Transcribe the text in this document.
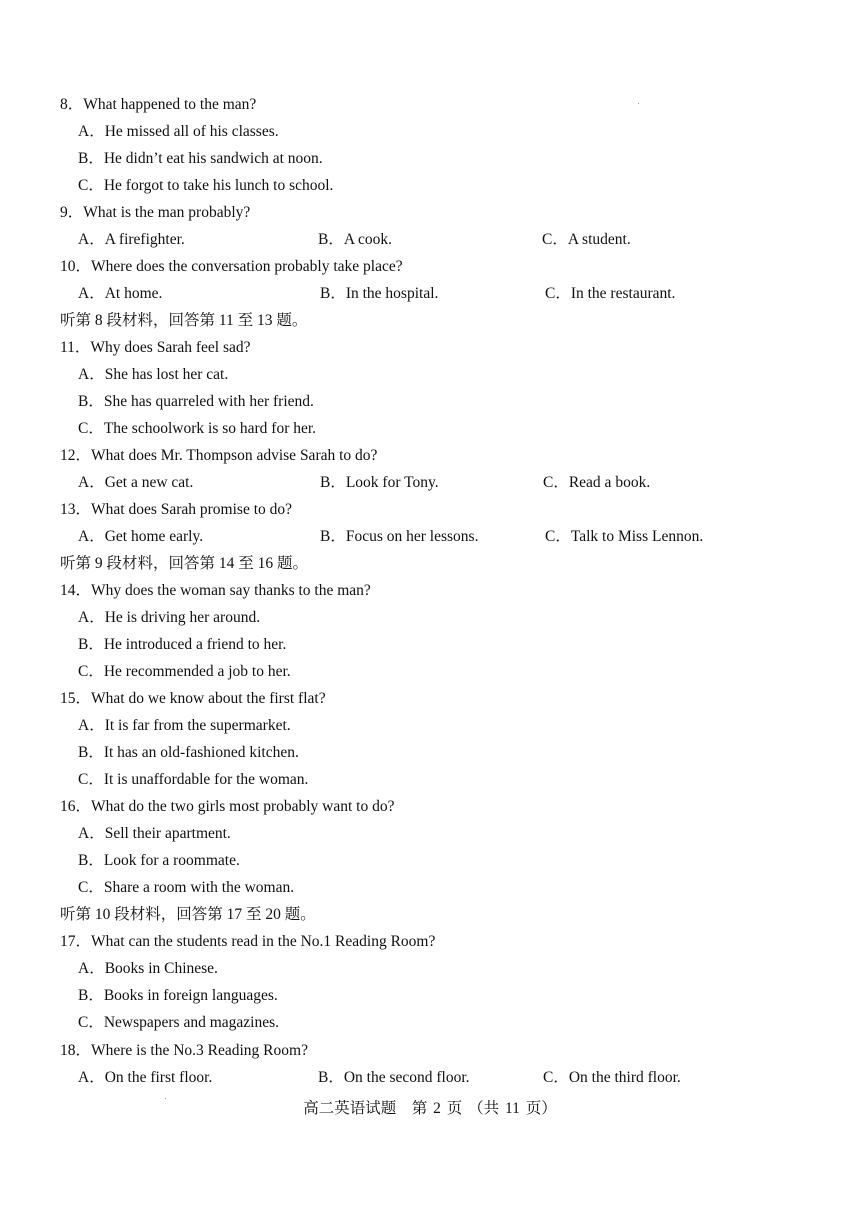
8．What happened to the man?
A．He missed all of his classes.
B．He didn’t eat his sandwich at noon.
C．He forgot to take his lunch to school.
9．What is the man probably?
A．A firefighter.	B．A cook.	C．A student.
10．Where does the conversation probably take place?
A．At home.	B．In the hospital.	C．In the restaurant.
听第 8 段材料，回答第 11 至 13 题。
11．Why does Sarah feel sad?
A．She has lost her cat.
B．She has quarreled with her friend.
C．The schoolwork is so hard for her.
12．What does Mr. Thompson advise Sarah to do?
A．Get a new cat.	B．Look for Tony.	C．Read a book.
13．What does Sarah promise to do?
A．Get home early.	B．Focus on her lessons.	C．Talk to Miss Lennon.
听第 9 段材料，回答第 14 至 16 题。
14．Why does the woman say thanks to the man?
A．He is driving her around.
B．He introduced a friend to her.
C．He recommended a job to her.
15．What do we know about the first flat?
A．It is far from the supermarket.
B．It has an old-fashioned kitchen.
C．It is unaffordable for the woman.
16．What do the two girls most probably want to do?
A．Sell their apartment.
B．Look for a roommate.
C．Share a room with the woman.
听第 10 段材料，回答第 17 至 20 题。
17．What can the students read in the No.1 Reading Room?
A．Books in Chinese.
B．Books in foreign languages.
C．Newspapers and magazines.
18．Where is the No.3 Reading Room?
A．On the first floor.	B．On the second floor.	C．On the third floor.
高二英语试题　第 2 页 （共 11 页）
